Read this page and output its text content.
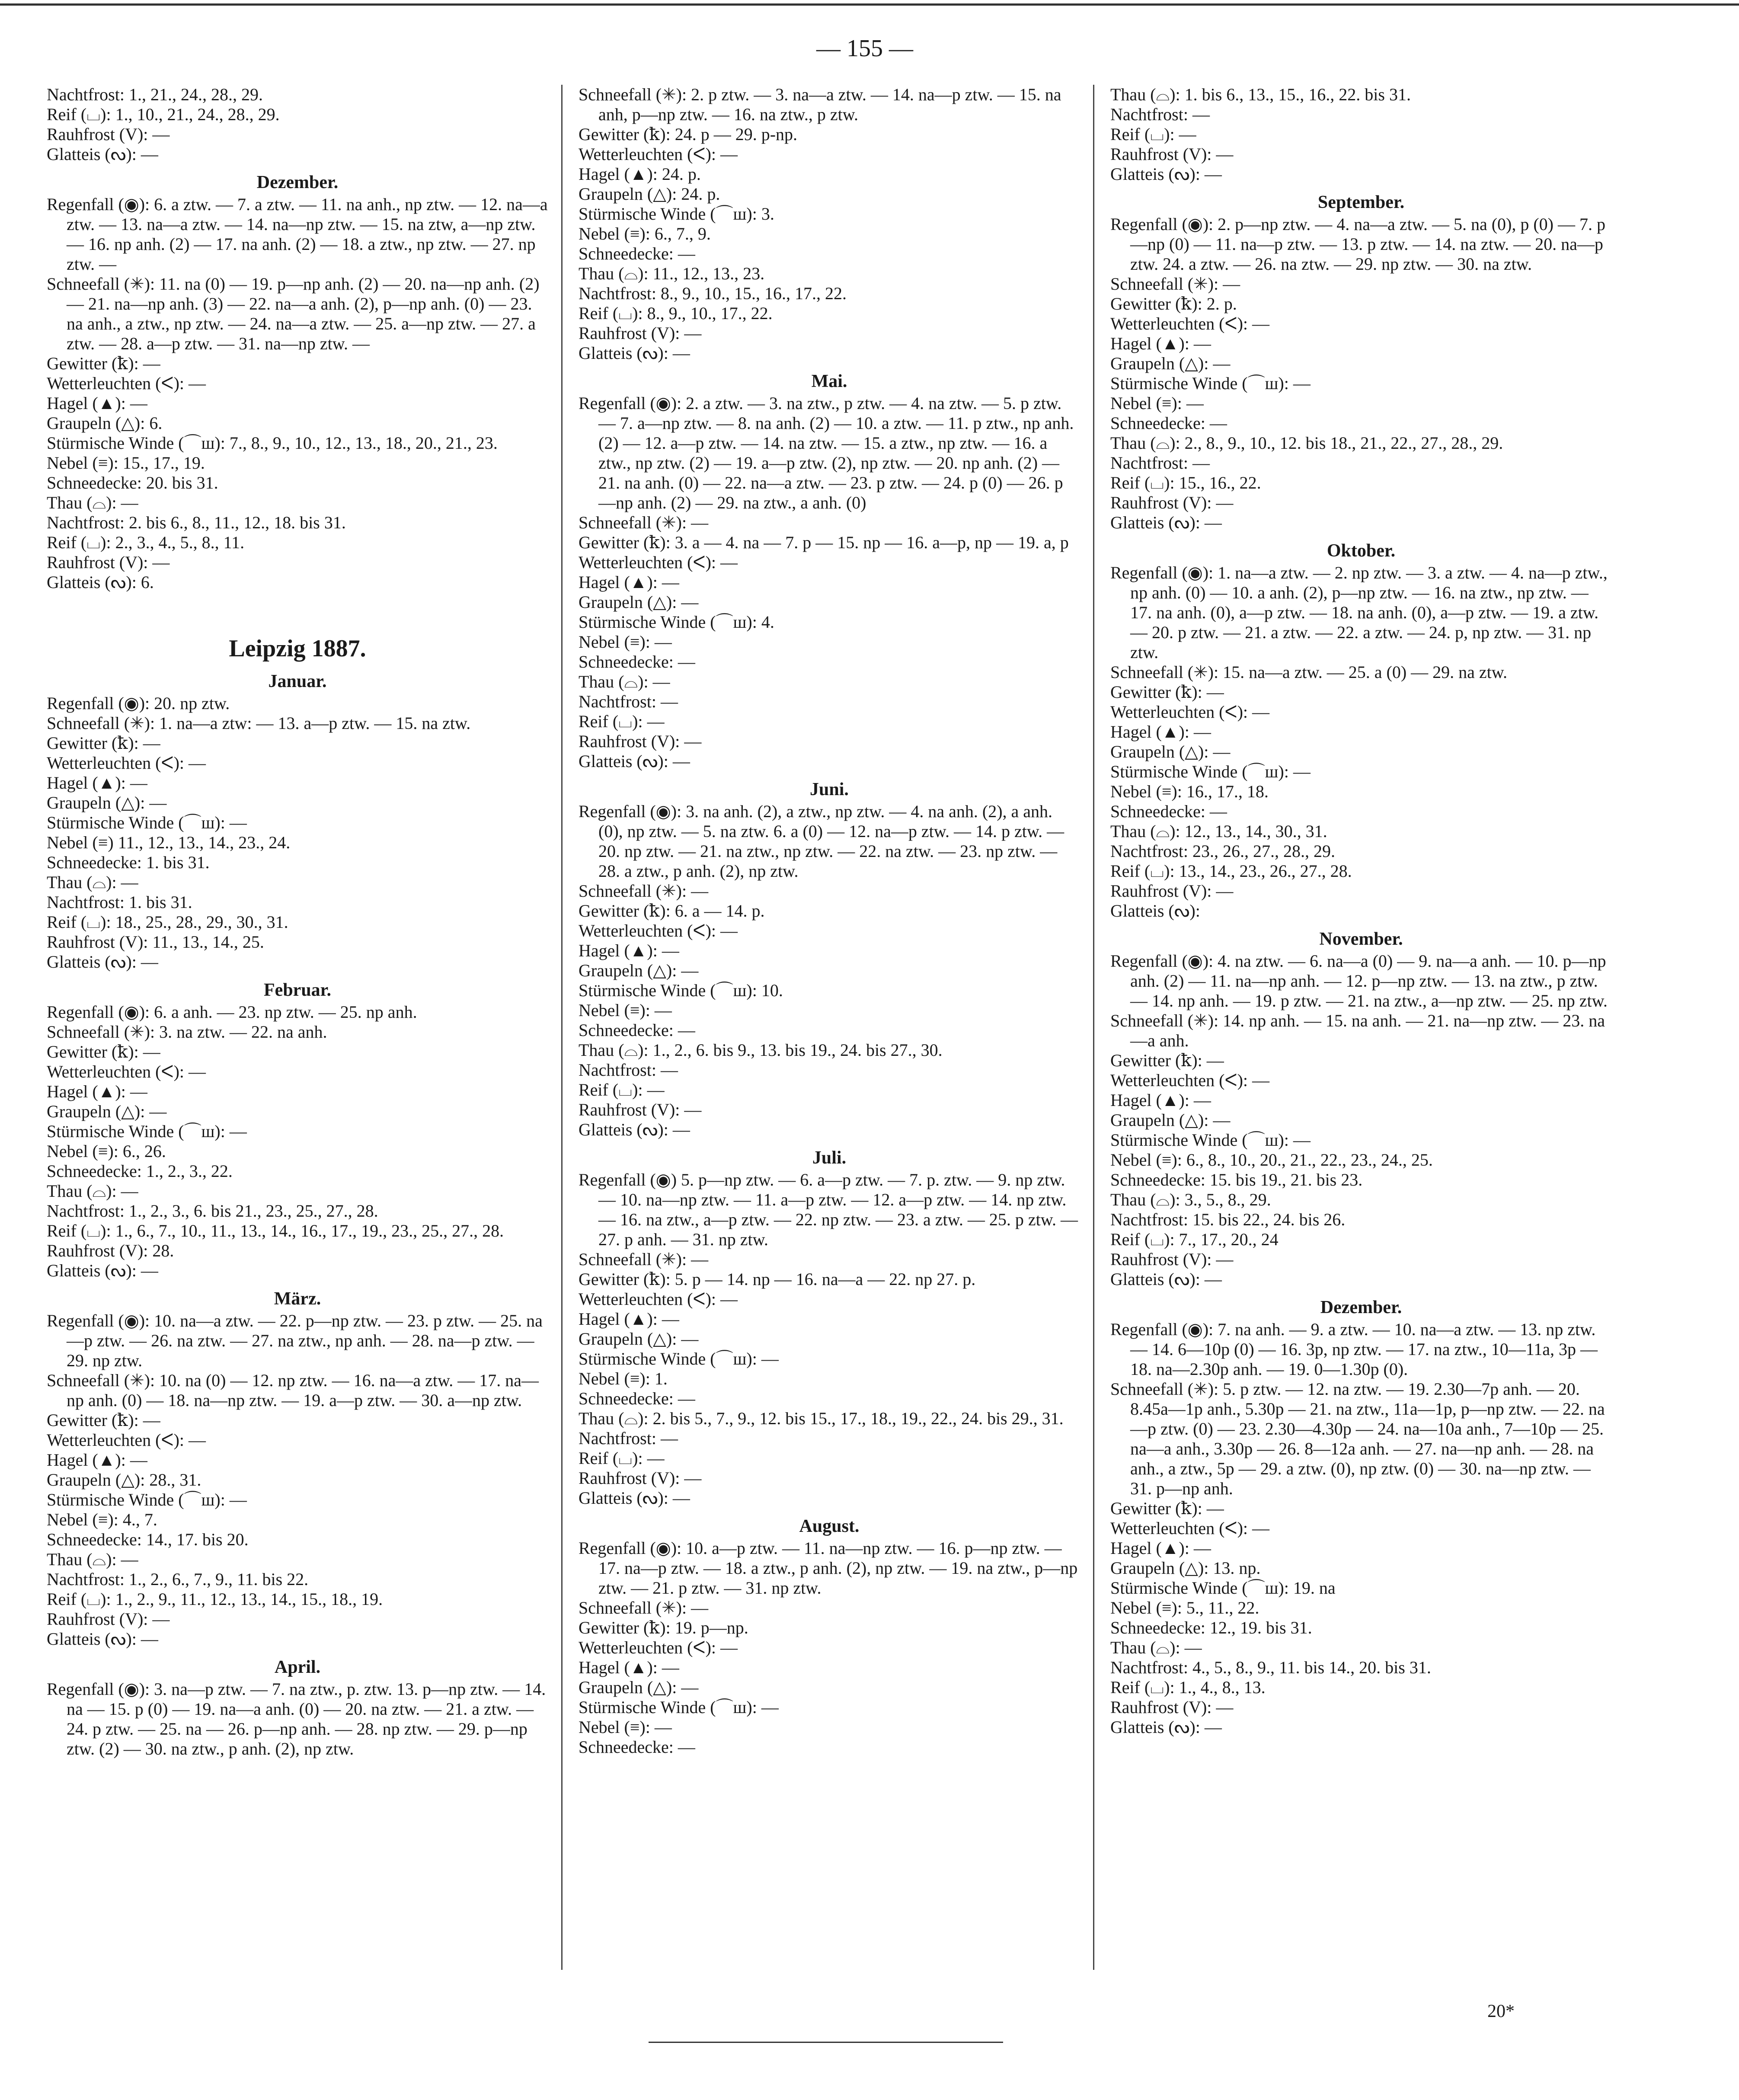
— 155 —

Nachtfrost: 1., 21., 24., 28., 29.

Reif (⌴): 1., 10., 21., 24., 28., 29.

Rauhfrost (V): —

Glatteis (ᔓ): —

Dezember.

Regenfall (◉): 6. a ztw. — 7. a ztw. — 11. na anh., np ztw. — 12. na—a ztw. — 13. na—a ztw. — 14. na—np ztw. — 15. na ztw, a—np ztw. — 16. np anh. (2) — 17. na anh. (2) — 18. a ztw., np ztw. — 27. np ztw. —

Schneefall (✳): 11. na (0) — 19. p—np anh. (2) — 20. na—np anh. (2) — 21. na—np anh. (3) — 22. na—a anh. (2), p—np anh. (0) — 23. na anh., a ztw., np ztw. — 24. na—a ztw. — 25. a—np ztw. — 27. a ztw. — 28. a—p ztw. — 31. na—np ztw. —

Gewitter (ꝁ): —

Wetterleuchten (ᐸ): —

Hagel (▲): —

Graupeln (△): 6.

Stürmische Winde (⌒ш): 7., 8., 9., 10., 12., 13., 18., 20., 21., 23.

Nebel (≡): 15., 17., 19.

Schneedecke: 20. bis 31.

Thau (⌓): —

Nachtfrost: 2. bis 6., 8., 11., 12., 18. bis 31.

Reif (⌴): 2., 3., 4., 5., 8., 11.

Rauhfrost (V): —

Glatteis (ᔓ): 6.

Leipzig 1887.
Januar.

Regenfall (◉): 20. np ztw.

Schneefall (✳): 1. na—a ztw: — 13. a—p ztw. — 15. na ztw.

Gewitter (ꝁ): —

Wetterleuchten (ᐸ): —

Hagel (▲): —

Graupeln (△): —

Stürmische Winde (⌒ш): —

Nebel (≡) 11., 12., 13., 14., 23., 24.

Schneedecke: 1. bis 31.

Thau (⌓): —

Nachtfrost: 1. bis 31.

Reif (⌴): 18., 25., 28., 29., 30., 31.

Rauhfrost (V): 11., 13., 14., 25.

Glatteis (ᔓ): —

Februar.

Regenfall (◉): 6. a anh. — 23. np ztw. — 25. np anh.

Schneefall (✳): 3. na ztw. — 22. na anh.

Gewitter (ꝁ): —

Wetterleuchten (ᐸ): —

Hagel (▲): —

Graupeln (△): —

Stürmische Winde (⌒ш): —

Nebel (≡): 6., 26.

Schneedecke: 1., 2., 3., 22.

Thau (⌓): —

Nachtfrost: 1., 2., 3., 6. bis 21., 23., 25., 27., 28.

Reif (⌴): 1., 6., 7., 10., 11., 13., 14., 16., 17., 19., 23., 25., 27., 28.

Rauhfrost (V): 28.

Glatteis (ᔓ): —

März.

Regenfall (◉): 10. na—a ztw. — 22. p—np ztw. — 23. p ztw. — 25. na—p ztw. — 26. na ztw. — 27. na ztw., np anh. — 28. na—p ztw. — 29. np ztw.

Schneefall (✳): 10. na (0) — 12. np ztw. — 16. na—a ztw. — 17. na—np anh. (0) — 18. na—np ztw. — 19. a—p ztw. — 30. a—np ztw.

Gewitter (ꝁ): —

Wetterleuchten (ᐸ): —

Hagel (▲): —

Graupeln (△): 28., 31.

Stürmische Winde (⌒ш): —

Nebel (≡): 4., 7.

Schneedecke: 14., 17. bis 20.

Thau (⌓): —

Nachtfrost: 1., 2., 6., 7., 9., 11. bis 22.

Reif (⌴): 1., 2., 9., 11., 12., 13., 14., 15., 18., 19.

Rauhfrost (V): —

Glatteis (ᔓ): —

April.

Regenfall (◉): 3. na—p ztw. — 7. na ztw., p. ztw. 13. p—np ztw. — 14. na — 15. p (0) — 19. na—a anh. (0) — 20. na ztw. — 21. a ztw. — 24. p ztw. — 25. na — 26. p—np anh. — 28. np ztw. — 29. p—np ztw. (2) — 30. na ztw., p anh. (2), np ztw.

Schneefall (✳): 2. p ztw. — 3. na—a ztw. — 14. na—p ztw. — 15. na anh, p—np ztw. — 16. na ztw., p ztw.

Gewitter (ꝁ): 24. p — 29. p-np.

Wetterleuchten (ᐸ): —

Hagel (▲): 24. p.

Graupeln (△): 24. p.

Stürmische Winde (⌒ш): 3.

Nebel (≡): 6., 7., 9.

Schneedecke: —

Thau (⌓): 11., 12., 13., 23.

Nachtfrost: 8., 9., 10., 15., 16., 17., 22.

Reif (⌴): 8., 9., 10., 17., 22.

Rauhfrost (V): —

Glatteis (ᔓ): —

Mai.

Regenfall (◉): 2. a ztw. — 3. na ztw., p ztw. — 4. na ztw. — 5. p ztw. — 7. a—np ztw. — 8. na anh. (2) — 10. a ztw. — 11. p ztw., np anh. (2) — 12. a—p ztw. — 14. na ztw. — 15. a ztw., np ztw. — 16. a ztw., np ztw. (2) — 19. a—p ztw. (2), np ztw. — 20. np anh. (2) — 21. na anh. (0) — 22. na—a ztw. — 23. p ztw. — 24. p (0) — 26. p—np anh. (2) — 29. na ztw., a anh. (0)

Schneefall (✳): —

Gewitter (ꝁ): 3. a — 4. na — 7. p — 15. np — 16. a—p, np — 19. a, p

Wetterleuchten (ᐸ): —

Hagel (▲): —

Graupeln (△): —

Stürmische Winde (⌒ш): 4.

Nebel (≡): —

Schneedecke: —

Thau (⌓): —

Nachtfrost: —

Reif (⌴): —

Rauhfrost (V): —

Glatteis (ᔓ): —

Juni.

Regenfall (◉): 3. na anh. (2), a ztw., np ztw. — 4. na anh. (2), a anh. (0), np ztw. — 5. na ztw. 6. a (0) — 12. na—p ztw. — 14. p ztw. — 20. np ztw. — 21. na ztw., np ztw. — 22. na ztw. — 23. np ztw. — 28. a ztw., p anh. (2), np ztw.

Schneefall (✳): —

Gewitter (ꝁ): 6. a — 14. p.

Wetterleuchten (ᐸ): —

Hagel (▲): —

Graupeln (△): —

Stürmische Winde (⌒ш): 10.

Nebel (≡): —

Schneedecke: —

Thau (⌓): 1., 2., 6. bis 9., 13. bis 19., 24. bis 27., 30.

Nachtfrost: —

Reif (⌴): —

Rauhfrost (V): —

Glatteis (ᔓ): —

Juli.

Regenfall (◉) 5. p—np ztw. — 6. a—p ztw. — 7. p. ztw. — 9. np ztw. — 10. na—np ztw. — 11. a—p ztw. — 12. a—p ztw. — 14. np ztw. — 16. na ztw., a—p ztw. — 22. np ztw. — 23. a ztw. — 25. p ztw. — 27. p anh. — 31. np ztw.

Schneefall (✳): —

Gewitter (ꝁ): 5. p — 14. np — 16. na—a — 22. np 27. p.

Wetterleuchten (ᐸ): —

Hagel (▲): —

Graupeln (△): —

Stürmische Winde (⌒ш): —

Nebel (≡): 1.

Schneedecke: —

Thau (⌓): 2. bis 5., 7., 9., 12. bis 15., 17., 18., 19., 22., 24. bis 29., 31.

Nachtfrost: —

Reif (⌴): —

Rauhfrost (V): —

Glatteis (ᔓ): —

August.

Regenfall (◉): 10. a—p ztw. — 11. na—np ztw. — 16. p—np ztw. — 17. na—p ztw. — 18. a ztw., p anh. (2), np ztw. — 19. na ztw., p—np ztw. — 21. p ztw. — 31. np ztw.

Schneefall (✳): —

Gewitter (ꝁ): 19. p—np.

Wetterleuchten (ᐸ): —

Hagel (▲): —

Graupeln (△): —

Stürmische Winde (⌒ш): —

Nebel (≡): —

Schneedecke: —

Thau (⌓): 1. bis 6., 13., 15., 16., 22. bis 31.

Nachtfrost: —

Reif (⌴): —

Rauhfrost (V): —

Glatteis (ᔓ): —

September.

Regenfall (◉): 2. p—np ztw. — 4. na—a ztw. — 5. na (0), p (0) — 7. p—np (0) — 11. na—p ztw. — 13. p ztw. — 14. na ztw. — 20. na—p ztw. 24. a ztw. — 26. na ztw. — 29. np ztw. — 30. na ztw.

Schneefall (✳): —

Gewitter (ꝁ): 2. p.

Wetterleuchten (ᐸ): —

Hagel (▲): —

Graupeln (△): —

Stürmische Winde (⌒ш): —

Nebel (≡): —

Schneedecke: —

Thau (⌓): 2., 8., 9., 10., 12. bis 18., 21., 22., 27., 28., 29.

Nachtfrost: —

Reif (⌴): 15., 16., 22.

Rauhfrost (V): —

Glatteis (ᔓ): —

Oktober.

Regenfall (◉): 1. na—a ztw. — 2. np ztw. — 3. a ztw. — 4. na—p ztw., np anh. (0) — 10. a anh. (2), p—np ztw. — 16. na ztw., np ztw. — 17. na anh. (0), a—p ztw. — 18. na anh. (0), a—p ztw. — 19. a ztw. — 20. p ztw. — 21. a ztw. — 22. a ztw. — 24. p, np ztw. — 31. np ztw.

Schneefall (✳): 15. na—a ztw. — 25. a (0) — 29. na ztw.

Gewitter (ꝁ): —

Wetterleuchten (ᐸ): —

Hagel (▲): —

Graupeln (△): —

Stürmische Winde (⌒ш): —

Nebel (≡): 16., 17., 18.

Schneedecke: —

Thau (⌓): 12., 13., 14., 30., 31.

Nachtfrost: 23., 26., 27., 28., 29.

Reif (⌴): 13., 14., 23., 26., 27., 28.

Rauhfrost (V): —

Glatteis (ᔓ):

November.

Regenfall (◉): 4. na ztw. — 6. na—a (0) — 9. na—a anh. — 10. p—np anh. (2) — 11. na—np anh. — 12. p—np ztw. — 13. na ztw., p ztw. — 14. np anh. — 19. p ztw. — 21. na ztw., a—np ztw. — 25. np ztw.

Schneefall (✳): 14. np anh. — 15. na anh. — 21. na—np ztw. — 23. na—a anh.

Gewitter (ꝁ): —

Wetterleuchten (ᐸ): —

Hagel (▲): —

Graupeln (△): —

Stürmische Winde (⌒ш): —

Nebel (≡): 6., 8., 10., 20., 21., 22., 23., 24., 25.

Schneedecke: 15. bis 19., 21. bis 23.

Thau (⌓): 3., 5., 8., 29.

Nachtfrost: 15. bis 22., 24. bis 26.

Reif (⌴): 7., 17., 20., 24

Rauhfrost (V): —

Glatteis (ᔓ): —

Dezember.

Regenfall (◉): 7. na anh. — 9. a ztw. — 10. na—a ztw. — 13. np ztw. — 14. 6—10p (0) — 16. 3p, np ztw. — 17. na ztw., 10—11a, 3p — 18. na—2.30p anh. — 19. 0—1.30p (0).

Schneefall (✳): 5. p ztw. — 12. na ztw. — 19. 2.30—7p anh. — 20. 8.45a—1p anh., 5.30p — 21. na ztw., 11a—1p, p—np ztw. — 22. na—p ztw. (0) — 23. 2.30—4.30p — 24. na—10a anh., 7—10p — 25. na—a anh., 3.30p — 26. 8—12a anh. — 27. na—np anh. — 28. na anh., a ztw., 5p — 29. a ztw. (0), np ztw. (0) — 30. na—np ztw. — 31. p—np anh.

Gewitter (ꝁ): —

Wetterleuchten (ᐸ): —

Hagel (▲): —

Graupeln (△): 13. np.

Stürmische Winde (⌒ш): 19. na

Nebel (≡): 5., 11., 22.

Schneedecke: 12., 19. bis 31.

Thau (⌓): —

Nachtfrost: 4., 5., 8., 9., 11. bis 14., 20. bis 31.

Reif (⌴): 1., 4., 8., 13.

Rauhfrost (V): —

Glatteis (ᔓ): —

20*
